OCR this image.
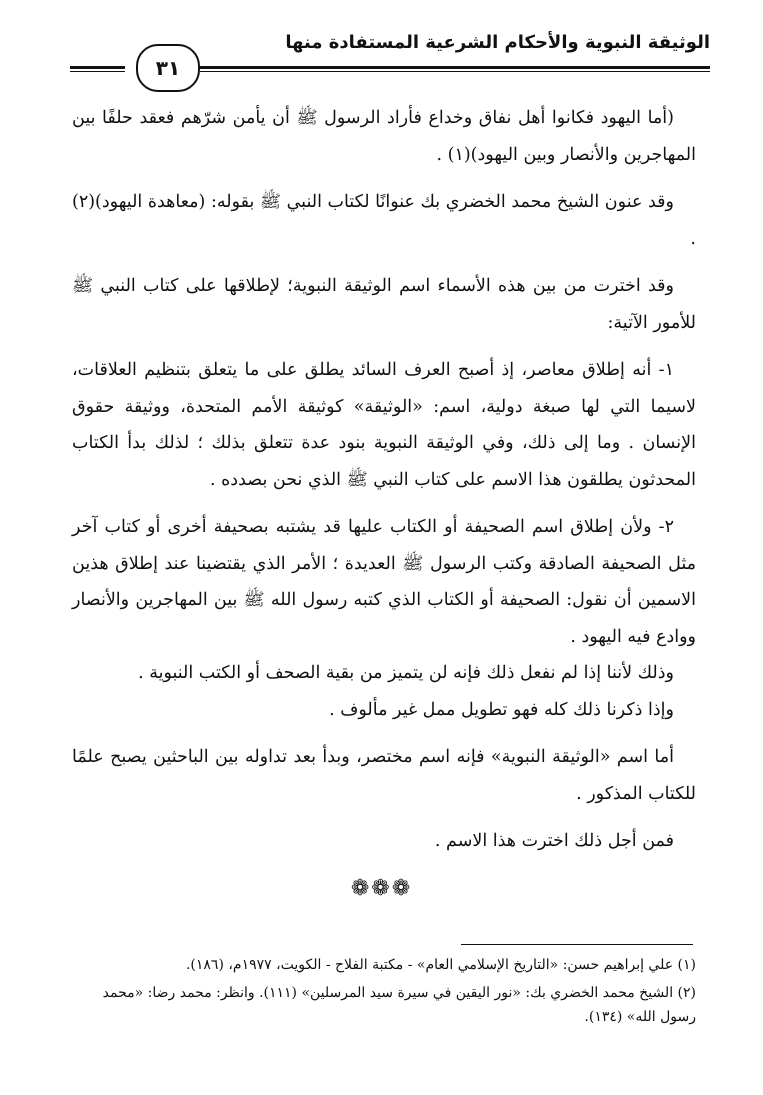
الوثيقة النبوية والأحكام الشرعية المستفادة منها
٣١

(أما اليهود فكانوا أهل نفاق وخداع فأراد الرسول ﷺ أن يأمن شرّهم فعقد حلفًا بين المهاجرين والأنصار وبين اليهود)(١) .

وقد عنون الشيخ محمد الخضري بك عنوانًا لكتاب النبي ﷺ بقوله: (معاهدة اليهود)(٢) .

وقد اخترت من بين هذه الأسماء اسم الوثيقة النبوية؛ لإطلاقها على كتاب النبي ﷺ للأمور الآتية:

١- أنه إطلاق معاصر، إذ أصبح العرف السائد يطلق على ما يتعلق بتنظيم العلاقات، لاسيما التي لها صبغة دولية، اسم: «الوثيقة» كوثيقة الأمم المتحدة، ووثيقة حقوق الإنسان . وما إلى ذلك، وفي الوثيقة النبوية بنود عدة تتعلق بذلك ؛ لذلك بدأ الكتاب المحدثون يطلقون هذا الاسم على كتاب النبي ﷺ الذي نحن بصدده .

٢- ولأن إطلاق اسم الصحيفة أو الكتاب عليها قد يشتبه بصحيفة أخرى أو كتاب آخر مثل الصحيفة الصادقة وكتب الرسول ﷺ العديدة ؛ الأمر الذي يقتضينا عند إطلاق هذين الاسمين أن نقول: الصحيفة أو الكتاب الذي كتبه رسول الله ﷺ بين المهاجرين والأنصار ووادع فيه اليهود .

وذلك لأننا إذا لم نفعل ذلك فإنه لن يتميز من بقية الصحف أو الكتب النبوية .

وإذا ذكرنا ذلك كله فهو تطويل ممل غير مألوف .

أما اسم «الوثيقة النبوية» فإنه اسم مختصر، وبدأ بعد تداوله بين الباحثين يصبح علمًا للكتاب المذكور .

فمن أجل ذلك اخترت هذا الاسم .

❁❁❁

(١) علي إبراهيم حسن: «التاريخ الإسلامي العام» - مكتبة الفلاح - الكويت، ١٩٧٧م، (١٨٦).

(٢) الشيخ محمد الخضري بك: «نور اليقين في سيرة سيد المرسلين» (١١١). وانظر: محمد رضا: «محمد رسول الله» (١٣٤).
